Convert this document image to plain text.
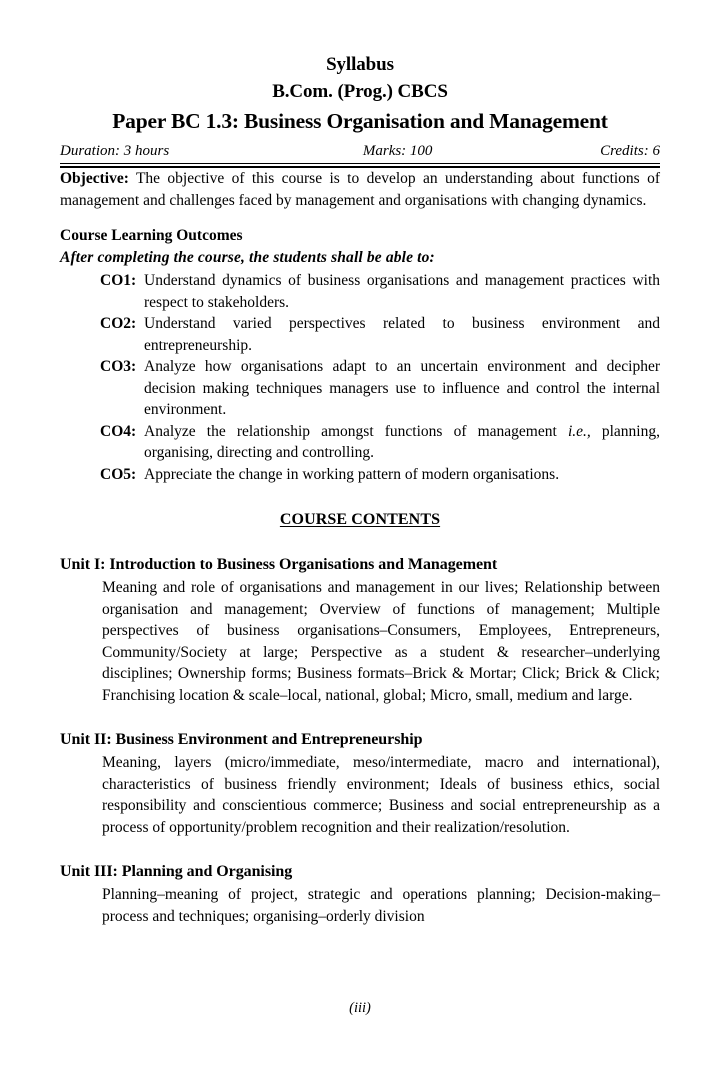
Syllabus
B.Com. (Prog.) CBCS
Paper BC 1.3: Business Organisation and Management
Duration: 3 hours	Marks: 100	Credits: 6

Objective: The objective of this course is to develop an understanding about functions of management and challenges faced by management and organisations with changing dynamics.

Course Learning Outcomes
After completing the course, the students shall be able to:
CO1: Understand dynamics of business organisations and management practices with respect to stakeholders.
CO2: Understand varied perspectives related to business environment and entrepreneurship.
CO3: Analyze how organisations adapt to an uncertain environment and decipher decision making techniques managers use to influence and control the internal environment.
CO4: Analyze the relationship amongst functions of management i.e., planning, organising, directing and controlling.
CO5: Appreciate the change in working pattern of modern organisations.
COURSE CONTENTS
Unit I: Introduction to Business Organisations and Management
Meaning and role of organisations and management in our lives; Relationship between organisation and management; Overview of functions of management; Multiple perspectives of business organisations–Consumers, Employees, Entrepreneurs, Community/Society at large; Perspective as a student & researcher–underlying disciplines; Ownership forms; Business formats–Brick & Mortar; Click; Brick & Click; Franchising location & scale–local, national, global; Micro, small, medium and large.
Unit II: Business Environment and Entrepreneurship
Meaning, layers (micro/immediate, meso/intermediate, macro and international), characteristics of business friendly environment; Ideals of business ethics, social responsibility and conscientious commerce; Business and social entrepreneurship as a process of opportunity/problem recognition and their realization/resolution.
Unit III: Planning and Organising
Planning–meaning of project, strategic and operations planning; Decision-making–process and techniques; organising–orderly division
(iii)
